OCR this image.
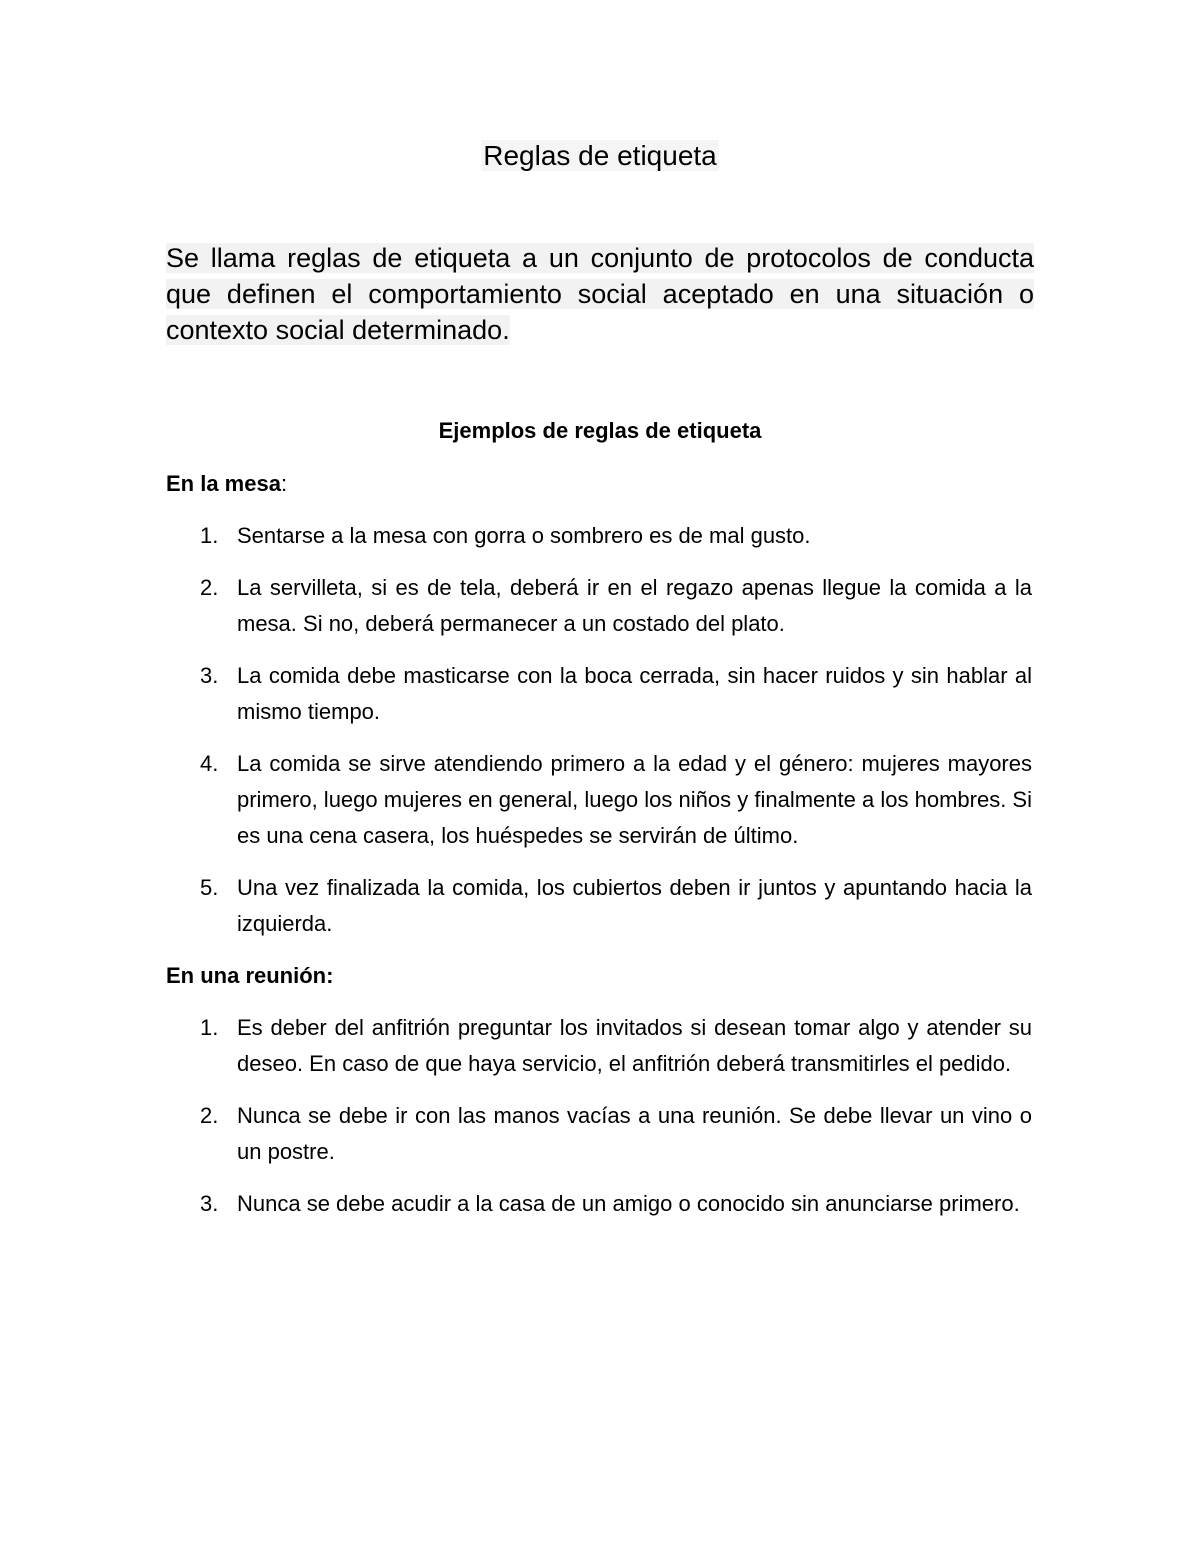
Reglas de etiqueta
Se llama reglas de etiqueta a un conjunto de protocolos de conducta que definen el comportamiento social aceptado en una situación o contexto social determinado.
Ejemplos de reglas de etiqueta
En la mesa:
1. Sentarse a la mesa con gorra o sombrero es de mal gusto.
2. La servilleta, si es de tela, deberá ir en el regazo apenas llegue la comida a la mesa. Si no, deberá permanecer a un costado del plato.
3. La comida debe masticarse con la boca cerrada, sin hacer ruidos y sin hablar al mismo tiempo.
4. La comida se sirve atendiendo primero a la edad y el género: mujeres mayores primero, luego mujeres en general, luego los niños y finalmente a los hombres. Si es una cena casera, los huéspedes se servirán de último.
5. Una vez finalizada la comida, los cubiertos deben ir juntos y apuntando hacia la izquierda.
En una reunión:
1. Es deber del anfitrión preguntar los invitados si desean tomar algo y atender su deseo. En caso de que haya servicio, el anfitrión deberá transmitirles el pedido.
2. Nunca se debe ir con las manos vacías a una reunión. Se debe llevar un vino o un postre.
3. Nunca se debe acudir a la casa de un amigo o conocido sin anunciarse primero.
